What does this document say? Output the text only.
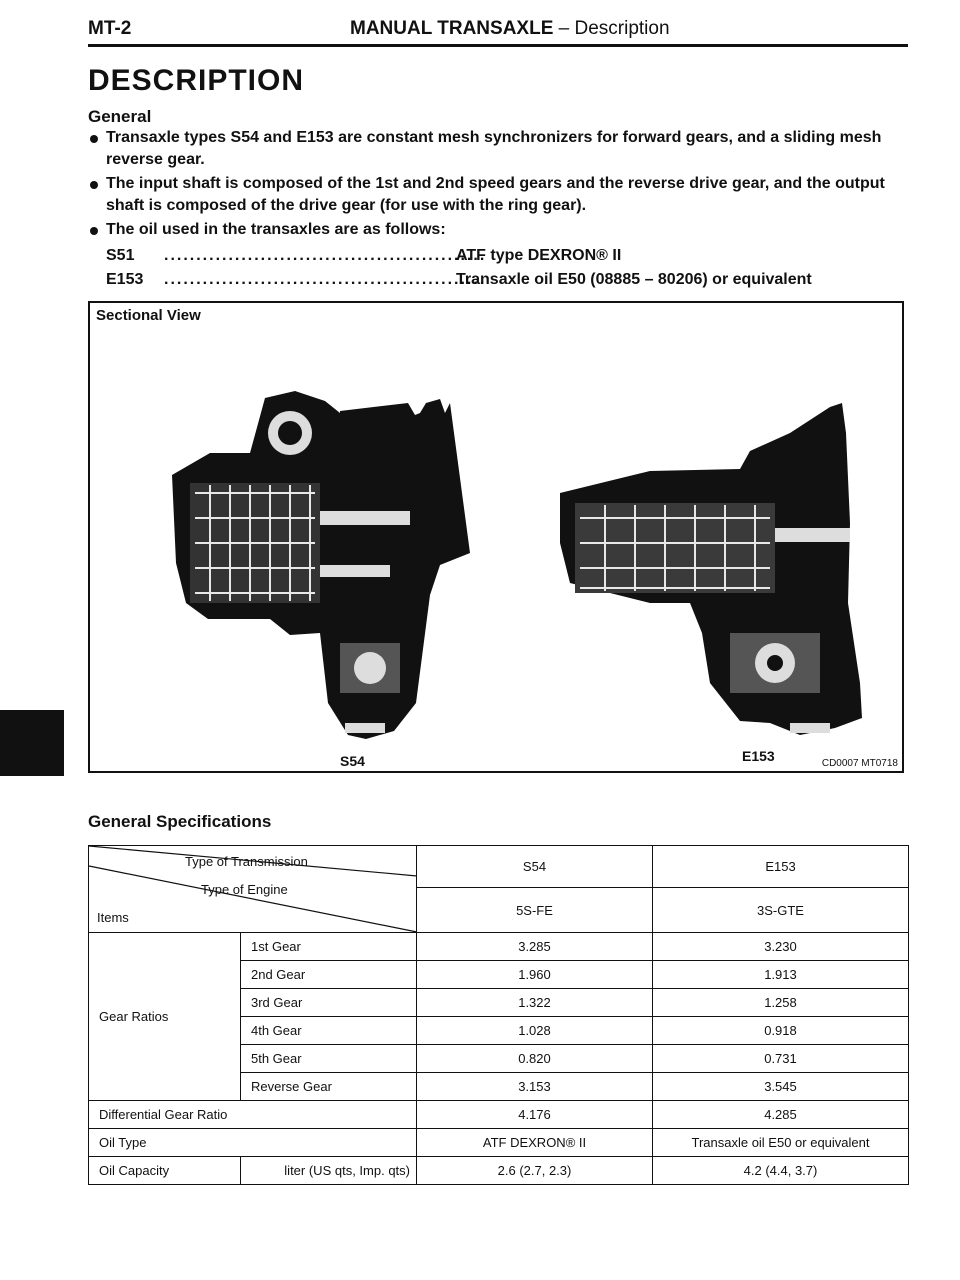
MT-2	MANUAL TRANSAXLE – Description
DESCRIPTION
General
Transaxle types S54 and E153 are constant mesh synchronizers for forward gears, and a sliding mesh reverse gear.
The input shaft is composed of the 1st and 2nd speed gears and the reverse drive gear, and the output shaft is composed of the drive gear (for use with the ring gear).
The oil used in the transaxles are as follows:
S51 ..................................................
ATF type DEXRON® II
E153 ..................................................
Transaxle oil E50 (08885 – 80206) or equivalent
Sectional View
S54	E153	CD0007 MT0718
General Specifications
Type of Transmission
Type of Engine
Items		S54	E153
		5S-FE	3S-GTE
Gear Ratios	1st Gear	3.285	3.230
	2nd Gear	1.960	1.913
	3rd Gear	1.322	1.258
	4th Gear	1.028	0.918
	5th Gear	0.820	0.731
	Reverse Gear	3.153	3.545
Differential Gear Ratio		4.176	4.285
Oil Type		ATF DEXRON® II	Transaxle oil E50 or equivalent
Oil Capacity	liter (US qts, Imp. qts)	2.6 (2.7, 2.3)	4.2 (4.4, 3.7)
